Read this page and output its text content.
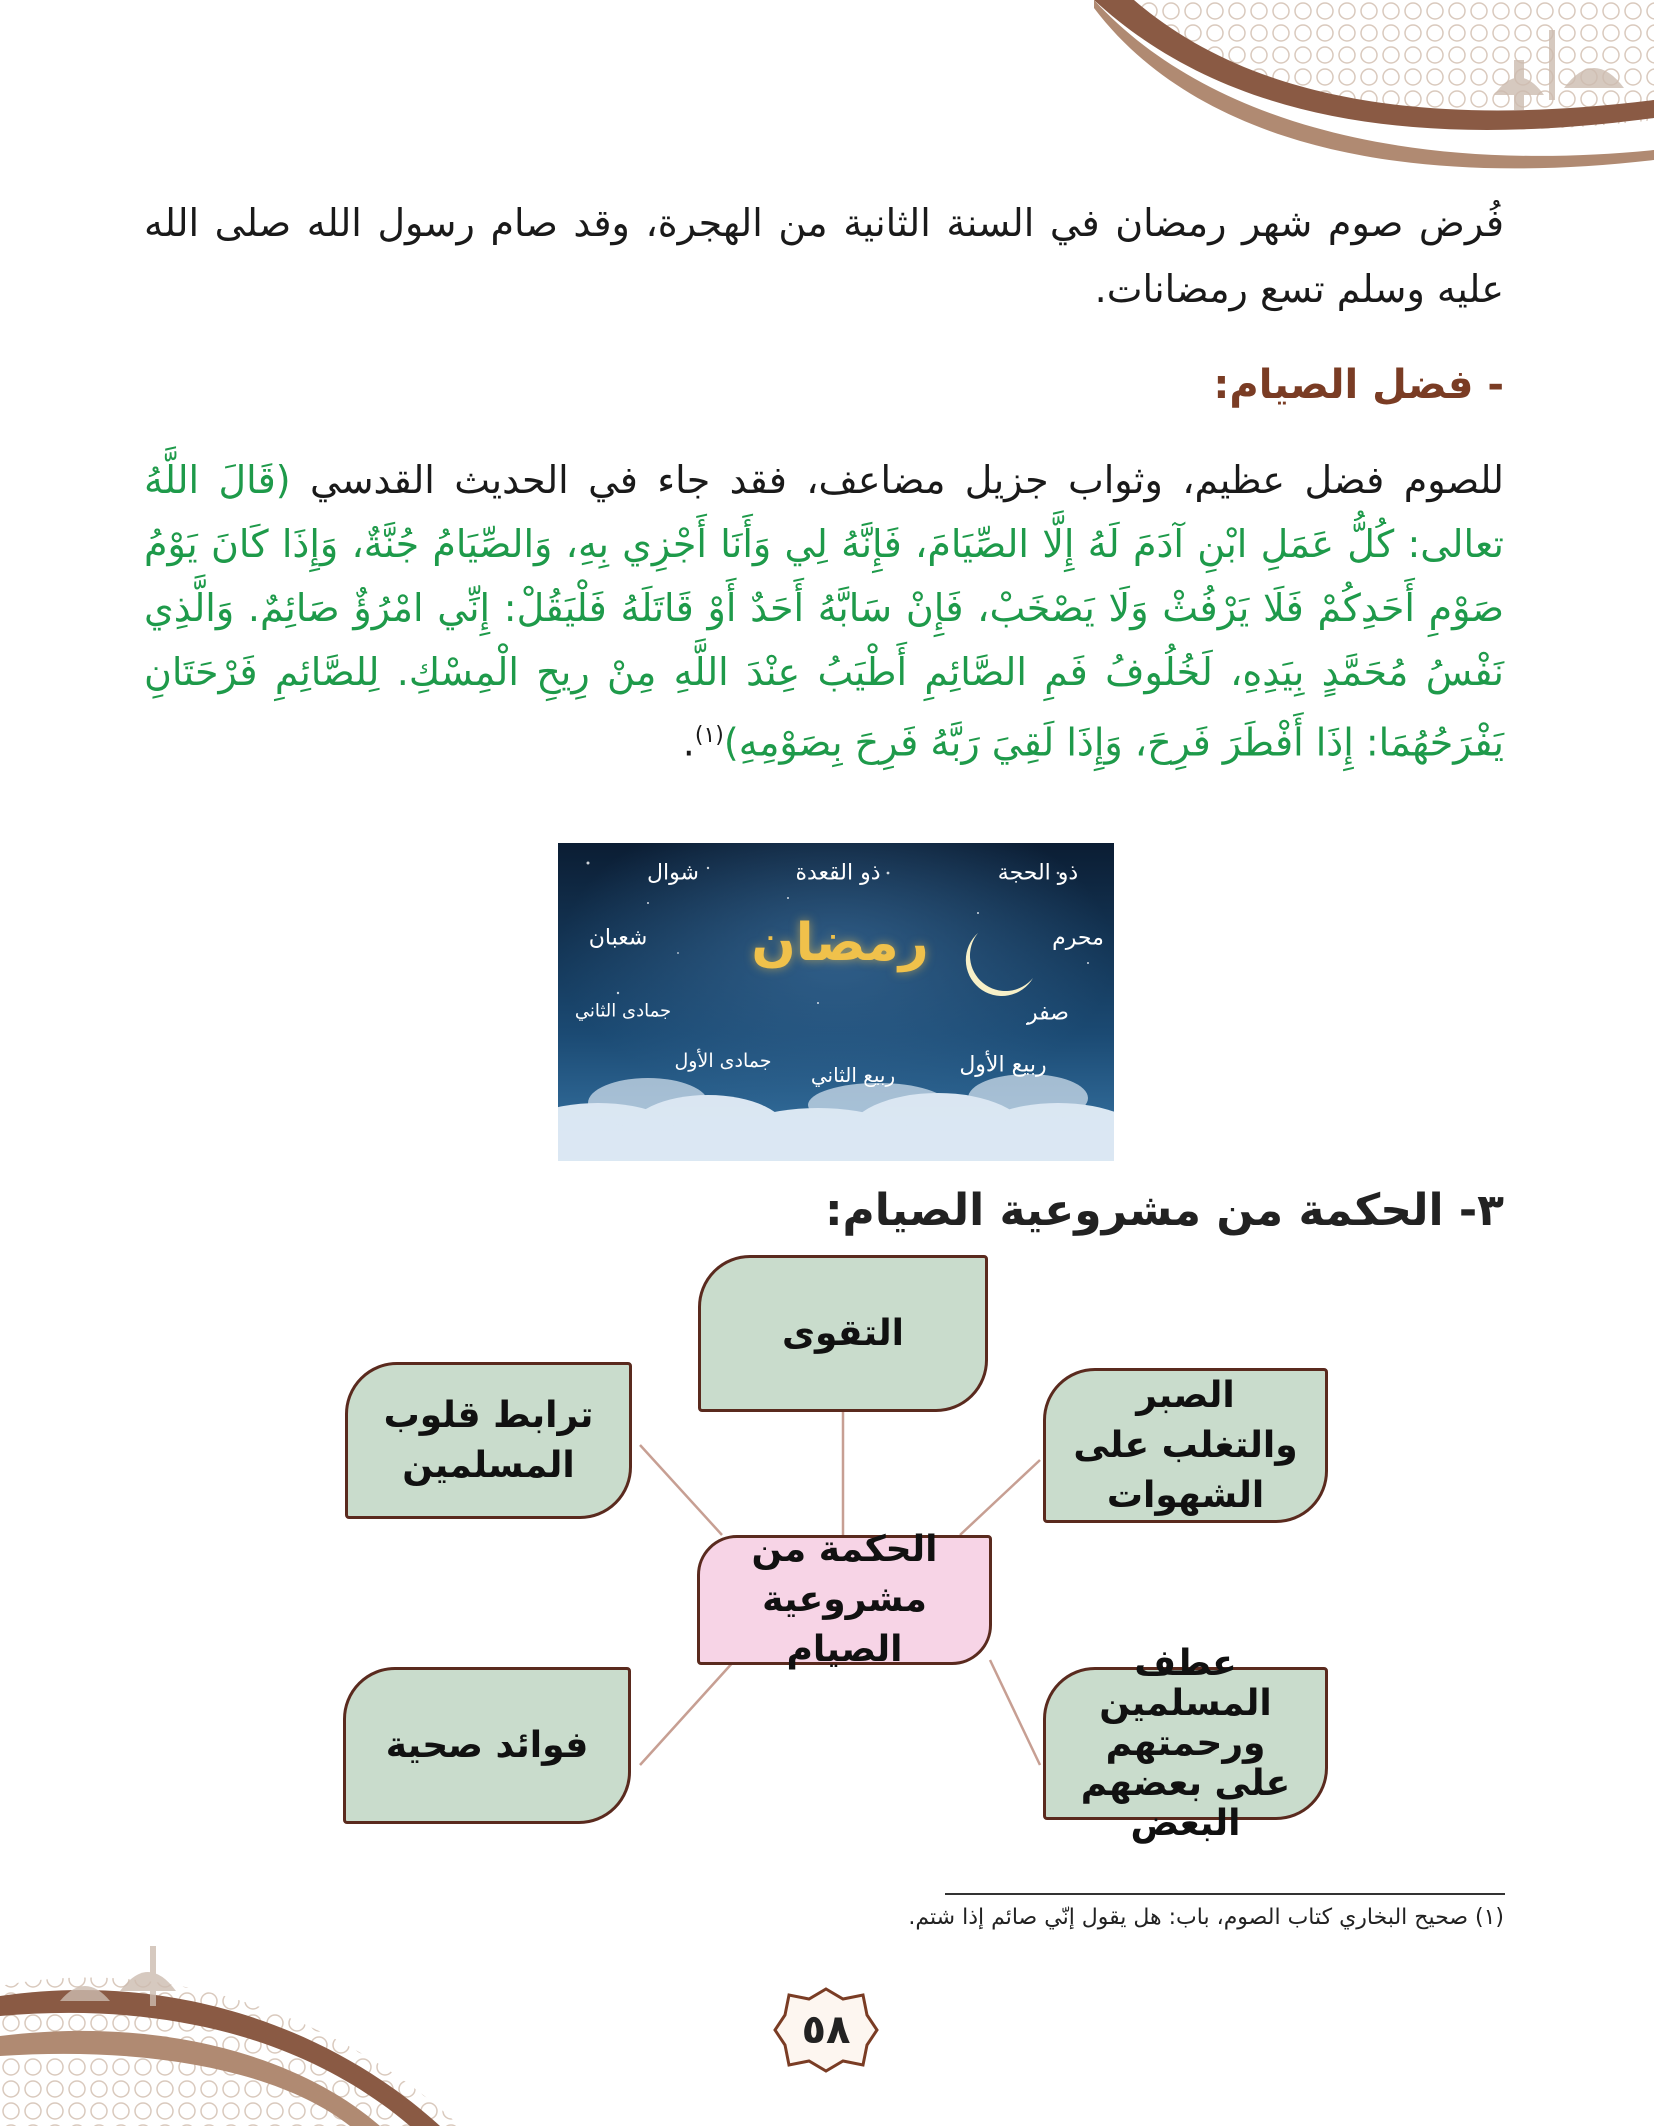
فُرض صوم شهر رمضان في السنة الثانية من الهجرة، وقد صام رسول الله صلى الله عليه وسلم تسع رمضانات.
- فضل الصيام:
للصوم فضل عظيم، وثواب جزيل مضاعف، فقد جاء في الحديث القدسي (قَالَ اللَّهُ تعالى: كُلُّ عَمَلِ ابْنِ آدَمَ لَهُ إِلَّا الصِّيَامَ، فَإِنَّهُ لِي وَأَنَا أَجْزِي بِهِ، وَالصِّيَامُ جُنَّةٌ، وَإِذَا كَانَ يَوْمُ صَوْمِ أَحَدِكُمْ فَلَا يَرْفُثْ وَلَا يَصْخَبْ، فَإِنْ سَابَّهُ أَحَدٌ أَوْ قَاتَلَهُ فَلْيَقُلْ: إِنِّي امْرُؤٌ صَائِمٌ. وَالَّذِي نَفْسُ مُحَمَّدٍ بِيَدِهِ، لَخُلُوفُ فَمِ الصَّائِمِ أَطْيَبُ عِنْدَ اللَّهِ مِنْ رِيحِ الْمِسْكِ. لِلصَّائِمِ فَرْحَتَانِ يَفْرَحُهُمَا: إِذَا أَفْطَرَ فَرِحَ، وَإِذَا لَقِيَ رَبَّهُ فَرِحَ بِصَوْمِهِ)$^{(١)}$.
رمضان
ذو الحجة
ذو القعدة
شوال
محرم
شعبان
صفر
جمادى الثاني
ربيع الأول
ربيع الثاني
جمادى الأول
٣- الحكمة من مشروعية الصيام:
التقوى
ترابط قلوب المسلمين
الصبر والتغلب على الشهوات
الحكمة من مشروعية الصيام
فوائد صحية
عطف المسلمين ورحمتهم على بعضهم البعض
(١) صحيح البخاري كتاب الصوم، باب: هل يقول إنّي صائم إذا شتم.
٥٨
